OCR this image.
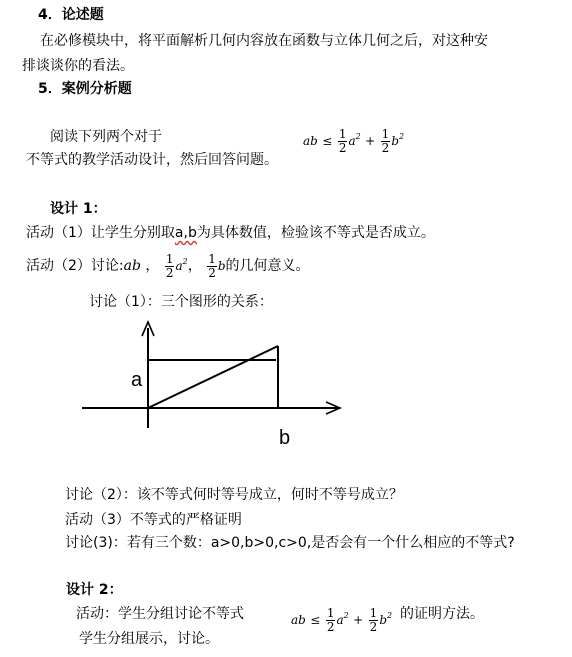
4．论述题
在必修模块中，将平面解析几何内容放在函数与立体几何之后，对这种安
排谈谈你的看法。
5．案例分析题
阅读下列两个对于	ab ≤ $\frac{1}{2} a^2 + \frac{1}{2} b^2$
不等式的教学活动设计，然后回答问题。
设计 1：
活动（1）让学生分别取a,b为具体数值，检验该不等式是否成立。
活动（2）讨论:ab ， $\frac{1}{2} a^2$， $\frac{1}{2}$ b的几何意义。
讨论（1）：三个图形的关系：
a
b
讨论（2）：该不等式何时等号成立，何时不等号成立？
活动（3）不等式的严格证明
讨论(3)：若有三个数：a>0,b>0,c>0,是否会有一个什么相应的不等式?
设计 2：
活动：学生分组讨论不等式	ab ≤ $\frac{1}{2} a^2 + \frac{1}{2} b^2$ 的证明方法。
学生分组展示，讨论。
